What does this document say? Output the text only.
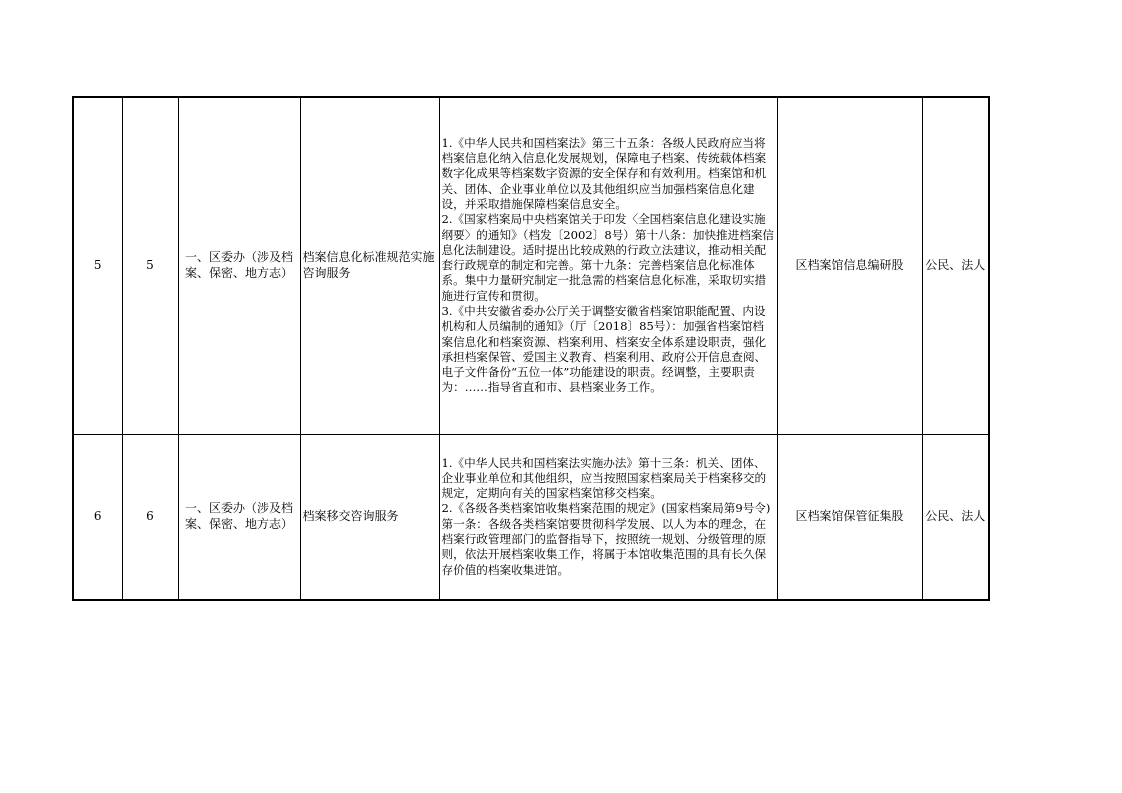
5	5	一、区委办（涉及档案、保密、地方志）	档案信息化标准规范实施咨询服务	1.《中华人民共和国档案法》第三十五条：各级人民政府应当将档案信息化纳入信息化发展规划，保障电子档案、传统载体档案数字化成果等档案数字资源的安全保存和有效利用。档案馆和机关、团体、企业事业单位以及其他组织应当加强档案信息化建设，并采取措施保障档案信息安全。
2.《国家档案局中央档案馆关于印发〈全国档案信息化建设实施纲要〉的通知》（档发〔2002〕8号）第十八条：加快推进档案信息化法制建设。适时提出比较成熟的行政立法建议，推动相关配套行政规章的制定和完善。第十九条：完善档案信息化标准体系。集中力量研究制定一批急需的档案信息化标准，采取切实措施进行宣传和贯彻。
3.《中共安徽省委办公厅关于调整安徽省档案馆职能配置、内设机构和人员编制的通知》（厅〔2018〕85号）：加强省档案馆档案信息化和档案资源、档案利用、档案安全体系建设职责，强化承担档案保管、爱国主义教育、档案利用、政府公开信息查阅、电子文件备份“五位一体”功能建设的职责。经调整，主要职责为：……指导省直和市、县档案业务工作。	区档案馆信息编研股	公民、法人
6	6	一、区委办（涉及档案、保密、地方志）	档案移交咨询服务	1.《中华人民共和国档案法实施办法》第十三条：机关、团体、企业事业单位和其他组织，应当按照国家档案局关于档案移交的规定，定期向有关的国家档案馆移交档案。
2.《各级各类档案馆收集档案范围的规定》(国家档案局第9号令)第一条：各级各类档案馆要贯彻科学发展、以人为本的理念，在档案行政管理部门的监督指导下，按照统一规划、分级管理的原则，依法开展档案收集工作，将属于本馆收集范围的具有长久保存价值的档案收集进馆。	区档案馆保管征集股	公民、法人
